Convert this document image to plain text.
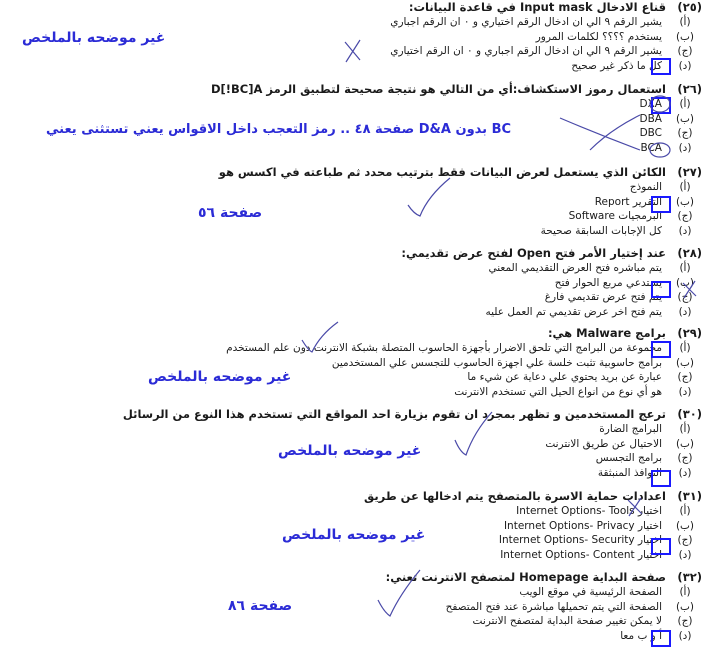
(٢٥)قناع الادخال Input mask في قاعدة البيانات:
(أ)
يشير الرقم ٩ الي ان ادخال الرقم اختياري و ٠ ان الرقم اجباري
(ب)
يستخدم ؟؟؟؟ لكلمات المرور
(ج)
يشير الرقم ٩ الي ان ادخال الرقم اجباري و ٠ ان الرقم اختياري
(د)
كل ما ذكر غير صحيح
(٢٦)استعمال رموز الاستكشاف:أي من التالي هو نتيجة صحيحة لتطبيق الرمز D[!BC]A
(أ)
DXA
(ب)
DBA
(ج)
DBC
(د)
BCA
(٢٧)الكائن الذي يستعمل لعرض البيانات فقط بترتيب محدد ثم طباعته في اكسس هو
(أ)
النموذج
(ب)
التقرير Report
(ج)
البرمجيات Software
(د)
كل الإجابات السابقة صحيحة
(٢٨)عند إختيار الأمر فتح Open لفتح عرض تقديمي:
(أ)
يتم مباشره فتح العرض التقديمي المعني
(ب)
يستدعي مربع الحوار فتح
(ج)
يتم فتح عرض تقديمي فارغ
(د)
يتم فتح اخر عرض تقديمي تم العمل عليه
(٢٩)برامج Malware هي:
(أ)
مجموعة من البرامج التي تلحق الاضرار بأجهزة الحاسوب المتصلة بشبكة الانترنت دون علم المستخدم
(ب)
برامج حاسوبية تثبت خلسة علي اجهزة الحاسوب للتجسس علي المستخدمين
(ج)
عبارة عن بريد يحتوي علي دعاية عن شيء ما
(د)
هو أي نوع من انواع الحيل التي تستخدم الانترنت
(٣٠)ترعج المستخدمين و تظهر بمجرد ان تقوم بزيارة احد المواقع التي تستخدم هذا النوع من الرسائل
(أ)
البرامج الضارة
(ب)
الاحتيال عن طريق الانترنت
(ج)
برامج التجسس
(د)
النوافذ المنبثقة
(٣١)اعدادات حماية الاسرة بالمتصفح يتم ادخالها عن طريق
(أ)
اختيار Internet Options- Tools
(ب)
اختيار Internet Options- Privacy
(ج)
اختيار Internet Options- Security
(د)
اختيار Internet Options- Content
(٣٢)صفحة البداية Homepage لمتصفح الانترنت تعني:
(أ)
الصفحة الرئيسية في موقع الويب
(ب)
الصفحة التي يتم تحميلها مباشرة عند فتح المتصفح
(ج)
لا يمكن تغيير صفحة البداية لمتصفح الانترنت
(د)
أ و ب معا
غير موضحه بالملخص
BC بدون D&A صفحة ٤٨ .. رمز التعجب داخل الاقواس يعني تستثنى يعني
صفحة ٥٦
غير موضحه بالملخص
غير موضحه بالملخص
غير موضحه بالملخص
صفحة ٨٦
